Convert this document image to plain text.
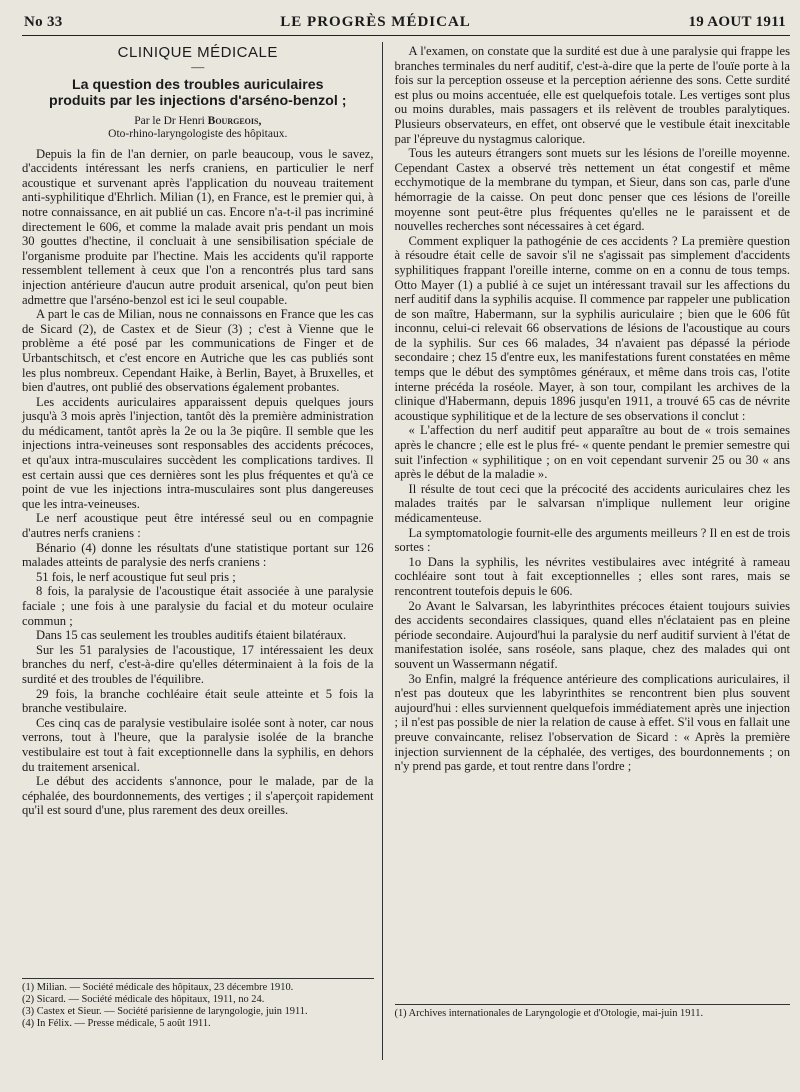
No 33	LE PROGRÈS MÉDICAL	19 AOUT 1911
CLINIQUE MÉDICALE
—
La question des troubles auriculaires
produits par les injections d'arséno-benzol ;
Par le Dr Henri Bourgeois,
Oto-rhino-laryngologiste des hôpitaux.

Depuis la fin de l'an dernier, on parle beaucoup, vous le savez, d'accidents intéressant les nerfs craniens, en particulier le nerf acoustique et survenant après l'application du nouveau traitement anti-syphilitique d'Ehrlich. Milian (1), en France, est le premier qui, à notre connaissance, en ait publié un cas. Encore n'a-t-il pas incriminé directement le 606, et comme la malade avait pris pendant un mois 30 gouttes d'hectine, il concluait à une sensibilisation spéciale de l'organisme produite par l'hectine. Mais les accidents qu'il rapporte ressemblent tellement à ceux que l'on a rencontrés plus tard sans injection antérieure d'aucun autre produit arsenical, qu'on peut bien admettre que l'arséno-benzol est ici le seul coupable.

A part le cas de Milian, nous ne connaissons en France que les cas de Sicard (2), de Castex et de Sieur (3) ; c'est à Vienne que le problème a été posé par les communications de Finger et de Urbantschitsch, et c'est encore en Autriche que les cas publiés sont les plus nombreux. Cependant Haike, à Berlin, Bayet, à Bruxelles, et bien d'autres, ont publié des observations également probantes.

Les accidents auriculaires apparaissent depuis quelques jours jusqu'à 3 mois après l'injection, tantôt dès la première administration du médicament, tantôt après la 2e ou la 3e piqûre. Il semble que les injections intra-veineuses sont responsables des accidents précoces, et qu'aux intra-musculaires succèdent les complications tardives. Il est certain aussi que ces dernières sont les plus fréquentes et qu'à ce point de vue les injections intra-musculaires sont plus dangereuses que les intra-veineuses.

Le nerf acoustique peut être intéressé seul ou en compagnie d'autres nerfs craniens :

Bénario (4) donne les résultats d'une statistique portant sur 126 malades atteints de paralysie des nerfs craniens :

51 fois, le nerf acoustique fut seul pris ;

8 fois, la paralysie de l'acoustique était associée à une paralysie faciale ; une fois à une paralysie du facial et du moteur oculaire commun ;

Dans 15 cas seulement les troubles auditifs étaient bilatéraux.

Sur les 51 paralysies de l'acoustique, 17 intéressaient les deux branches du nerf, c'est-à-dire qu'elles déterminaient à la fois de la surdité et des troubles de l'équilibre.

29 fois, la branche cochléaire était seule atteinte et 5 fois la branche vestibulaire.

Ces cinq cas de paralysie vestibulaire isolée sont à noter, car nous verrons, tout à l'heure, que la paralysie isolée de la branche vestibulaire est tout à fait exceptionnelle dans la syphilis, en dehors du traitement arsenical.

Le début des accidents s'annonce, pour le malade, par de la céphalée, des bourdonnements, des vertiges ; il s'aperçoit rapidement qu'il est sourd d'une, plus rarement des deux oreilles.

(1) Milian. — Société médicale des hôpitaux, 23 décembre 1910.
(2) Sicard. — Société médicale des hôpitaux, 1911, no 24.
(3) Castex et Sieur. — Société parisienne de laryngologie, juin 1911.
(4) In Félix. — Presse médicale, 5 août 1911.

A l'examen, on constate que la surdité est due à une paralysie qui frappe les branches terminales du nerf auditif, c'est-à-dire que la perte de l'ouïe porte à la fois sur la perception osseuse et la perception aérienne des sons. Cette surdité est plus ou moins accentuée, elle est quelquefois totale. Les vertiges sont plus ou moins durables, mais passagers et ils relèvent de troubles paralytiques. Plusieurs observateurs, en effet, ont observé que le vestibule était inexcitable par l'épreuve du nystagmus calorique.

Tous les auteurs étrangers sont muets sur les lésions de l'oreille moyenne. Cependant Castex a observé très nettement un état congestif et même ecchymotique de la membrane du tympan, et Sieur, dans son cas, parle d'une hémorragie de la caisse. On peut donc penser que ces lésions de l'oreille moyenne sont peut-être plus fréquentes qu'elles ne le paraissent et de nouvelles recherches sont nécessaires à cet égard.

Comment expliquer la pathogénie de ces accidents ? La première question à résoudre était celle de savoir s'il ne s'agissait pas simplement d'accidents syphilitiques frappant l'oreille interne, comme on en a connu de tous temps. Otto Mayer (1) a publié à ce sujet un intéressant travail sur les affections du nerf auditif dans la syphilis acquise. Il commence par rappeler une publication de son maître, Habermann, sur la syphilis auriculaire ; bien que le 606 fût inconnu, celui-ci relevait 66 observations de lésions de l'acoustique au cours de la syphilis. Sur ces 66 malades, 34 n'avaient pas dépassé la période secondaire ; chez 15 d'entre eux, les manifestations furent constatées en même temps que le début des symptômes généraux, et même dans trois cas, l'otite interne précéda la roséole. Mayer, à son tour, compilant les archives de la clinique d'Habermann, depuis 1896 jusqu'en 1911, a trouvé 65 cas de névrite acoustique syphilitique et de la lecture de ses observations il conclut :

« L'affection du nerf auditif peut apparaître au bout de « trois semaines après le chancre ; elle est le plus fré- « quente pendant le premier semestre qui suit l'infection « syphilitique ; on en voit cependant survenir 25 ou 30 « ans après le début de la maladie ».

Il résulte de tout ceci que la précocité des accidents auriculaires chez les malades traités par le salvarsan n'implique nullement leur origine médicamenteuse.

La symptomatologie fournit-elle des arguments meilleurs ? Il en est de trois sortes :

1o Dans la syphilis, les névrites vestibulaires avec intégrité à rameau cochléaire sont tout à fait exceptionnelles ; elles sont rares, mais se rencontrent toutefois depuis le 606.

2o Avant le Salvarsan, les labyrinthites précoces étaient toujours suivies des accidents secondaires classiques, quand elles n'éclataient pas en pleine période secondaire. Aujourd'hui la paralysie du nerf auditif survient à l'état de manifestation isolée, sans roséole, sans plaque, chez des malades qui ont souvent un Wassermann négatif.

3o Enfin, malgré la fréquence antérieure des complications auriculaires, il n'est pas douteux que les labyrinthites se rencontrent bien plus souvent aujourd'hui : elles surviennent quelquefois immédiatement après une injection ; il n'est pas possible de nier la relation de cause à effet. S'il vous en fallait une preuve convaincante, relisez l'observation de Sicard : « Après la première injection surviennent de la céphalée, des vertiges, des bourdonnements ; on n'y prend pas garde, et tout rentre dans l'ordre ;

(1) Archives internationales de Laryngologie et d'Otologie, mai-juin 1911.
